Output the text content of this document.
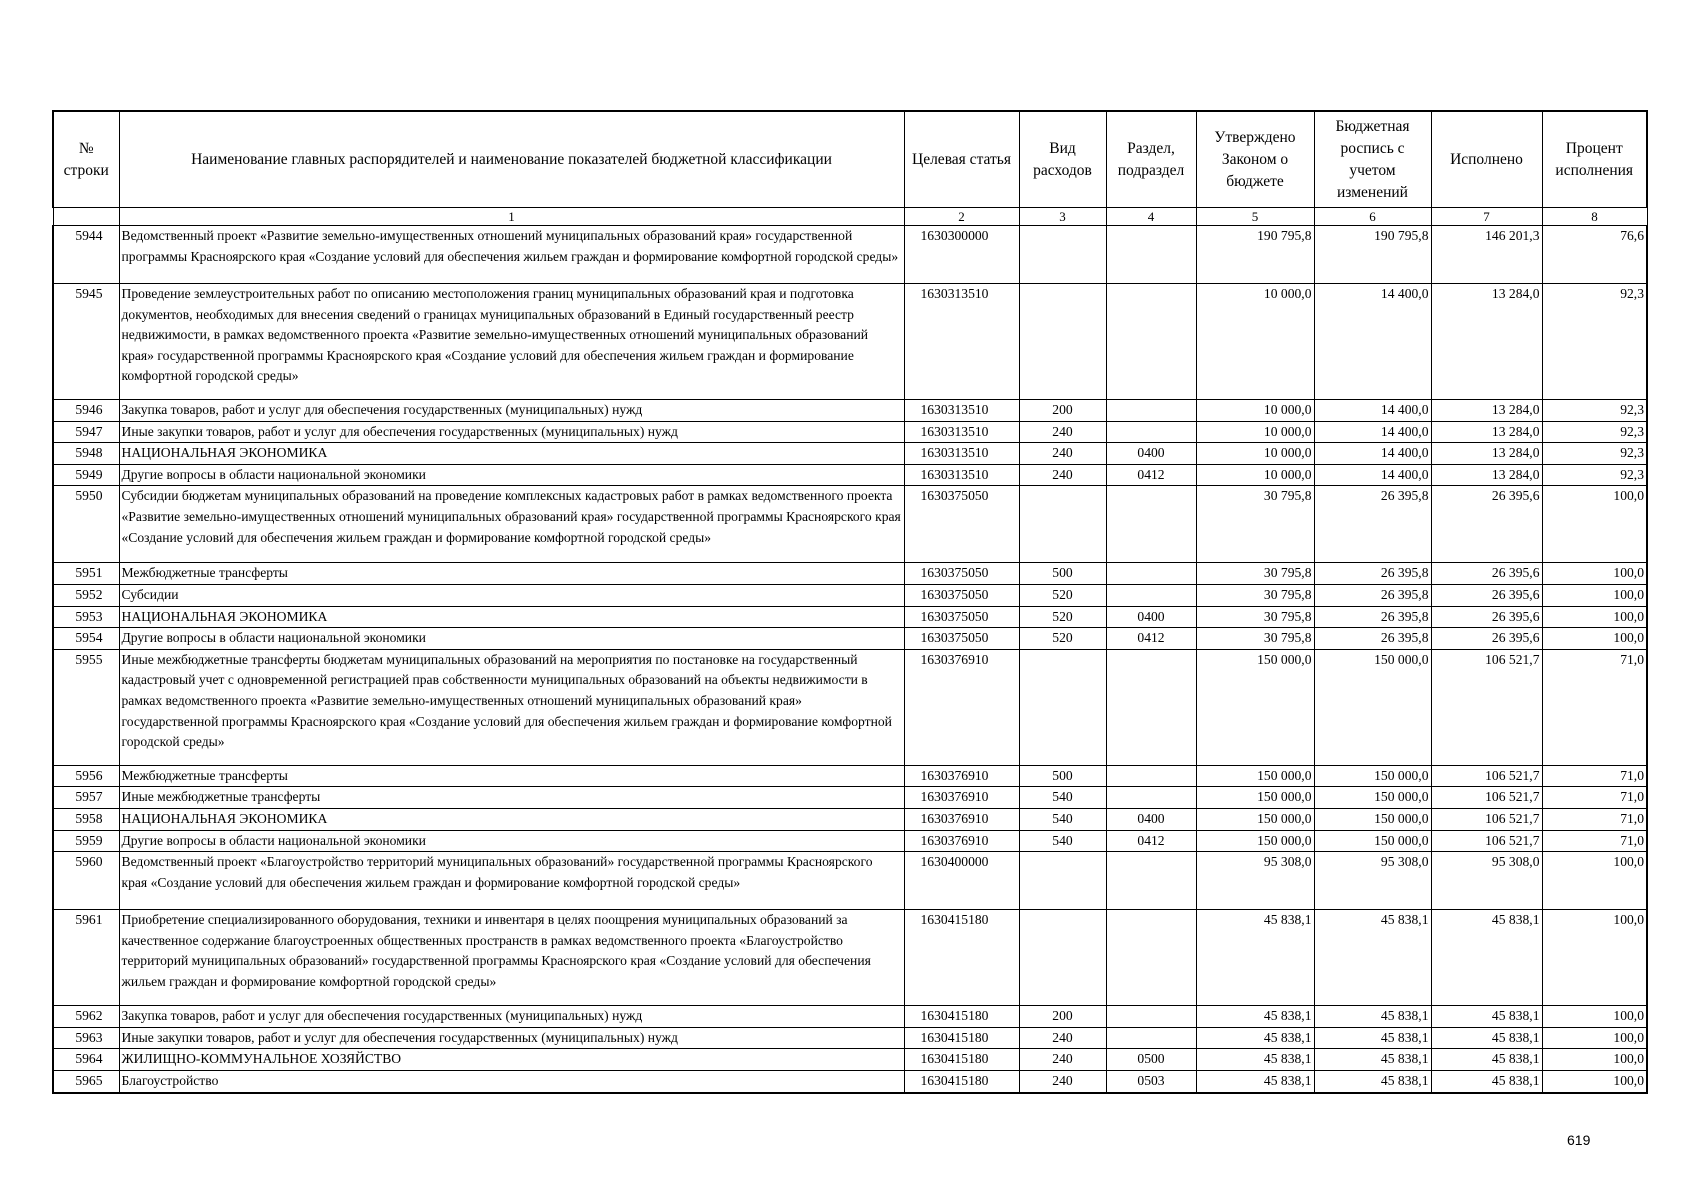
№ строки	Наименование главных распорядителей и наименование показателей бюджетной классификации	Целевая статья	Вид расходов	Раздел, подраздел	Утверждено Законом о бюджете	Бюджетная роспись с учетом изменений	Исполнено	Процент исполнения
	1	2	3	4	5	6	7	8
5944	Ведомственный проект «Развитие земельно-имущественных отношений муниципальных образований края» государственной программы Красноярского края «Создание условий для обеспечения жильем граждан и формирование комфортной городской среды»	1630300000			190 795,8	190 795,8	146 201,3	76,6
5945	Проведение землеустроительных работ по описанию местоположения границ муниципальных образований края и подготовка документов, необходимых для внесения сведений о границах муниципальных образований в Единый государственный реестр недвижимости, в рамках ведомственного проекта «Развитие земельно-имущественных отношений муниципальных образований края» государственной программы Красноярского края «Создание условий для обеспечения жильем граждан и формирование комфортной городской среды»	1630313510			10 000,0	14 400,0	13 284,0	92,3
5946	Закупка товаров, работ и услуг для обеспечения государственных (муниципальных) нужд	1630313510	200		10 000,0	14 400,0	13 284,0	92,3
5947	Иные закупки товаров, работ и услуг для обеспечения государственных (муниципальных) нужд	1630313510	240		10 000,0	14 400,0	13 284,0	92,3
5948	НАЦИОНАЛЬНАЯ ЭКОНОМИКА	1630313510	240	0400	10 000,0	14 400,0	13 284,0	92,3
5949	Другие вопросы в области национальной экономики	1630313510	240	0412	10 000,0	14 400,0	13 284,0	92,3
5950	Субсидии бюджетам муниципальных образований на проведение комплексных кадастровых работ в рамках ведомственного проекта «Развитие земельно-имущественных отношений муниципальных образований края» государственной программы Красноярского края «Создание условий для обеспечения жильем граждан и формирование комфортной городской среды»	1630375050			30 795,8	26 395,8	26 395,6	100,0
5951	Межбюджетные трансферты	1630375050	500		30 795,8	26 395,8	26 395,6	100,0
5952	Субсидии	1630375050	520		30 795,8	26 395,8	26 395,6	100,0
5953	НАЦИОНАЛЬНАЯ ЭКОНОМИКА	1630375050	520	0400	30 795,8	26 395,8	26 395,6	100,0
5954	Другие вопросы в области национальной экономики	1630375050	520	0412	30 795,8	26 395,8	26 395,6	100,0
5955	Иные межбюджетные трансферты бюджетам муниципальных образований на мероприятия по постановке на государственный кадастровый учет с одновременной регистрацией прав собственности муниципальных образований на объекты недвижимости в рамках ведомственного проекта «Развитие земельно-имущественных отношений муниципальных образований края» государственной программы Красноярского края «Создание условий для обеспечения жильем граждан и формирование комфортной городской среды»	1630376910			150 000,0	150 000,0	106 521,7	71,0
5956	Межбюджетные трансферты	1630376910	500		150 000,0	150 000,0	106 521,7	71,0
5957	Иные межбюджетные трансферты	1630376910	540		150 000,0	150 000,0	106 521,7	71,0
5958	НАЦИОНАЛЬНАЯ ЭКОНОМИКА	1630376910	540	0400	150 000,0	150 000,0	106 521,7	71,0
5959	Другие вопросы в области национальной экономики	1630376910	540	0412	150 000,0	150 000,0	106 521,7	71,0
5960	Ведомственный проект «Благоустройство территорий муниципальных образований» государственной программы Красноярского края «Создание условий для обеспечения жильем граждан и формирование комфортной городской среды»	1630400000			95 308,0	95 308,0	95 308,0	100,0
5961	Приобретение специализированного оборудования, техники и инвентаря в целях поощрения муниципальных образований за качественное содержание благоустроенных общественных пространств в рамках ведомственного проекта «Благоустройство территорий муниципальных образований» государственной программы Красноярского края «Создание условий для обеспечения жильем граждан и формирование комфортной городской среды»	1630415180			45 838,1	45 838,1	45 838,1	100,0
5962	Закупка товаров, работ и услуг для обеспечения государственных (муниципальных) нужд	1630415180	200		45 838,1	45 838,1	45 838,1	100,0
5963	Иные закупки товаров, работ и услуг для обеспечения государственных (муниципальных) нужд	1630415180	240		45 838,1	45 838,1	45 838,1	100,0
5964	ЖИЛИЩНО-КОММУНАЛЬНОЕ ХОЗЯЙСТВО	1630415180	240	0500	45 838,1	45 838,1	45 838,1	100,0
5965	Благоустройство	1630415180	240	0503	45 838,1	45 838,1	45 838,1	100,0
619
